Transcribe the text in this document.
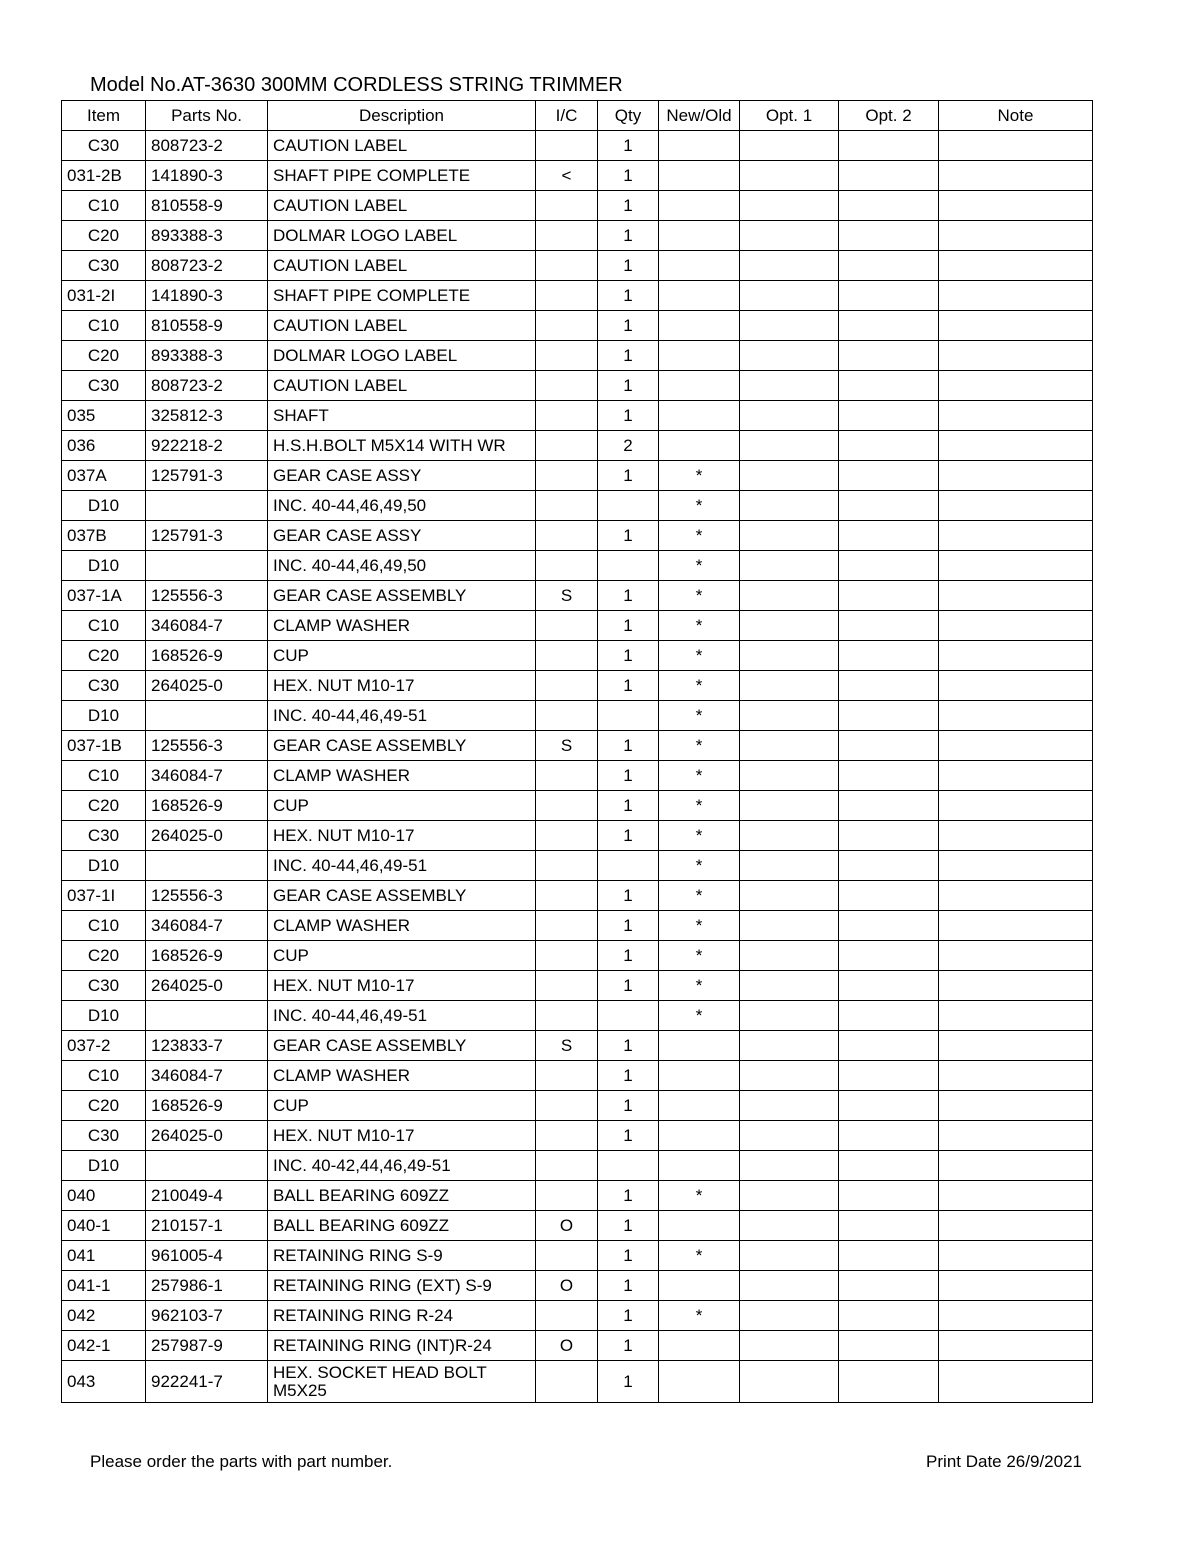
Model No.AT-3630 300MM CORDLESS STRING TRIMMER
Item	Parts No.	Description	I/C	Qty	New/Old	Opt. 1	Opt. 2	Note
C30	808723-2	CAUTION LABEL		1				
031-2B	141890-3	SHAFT PIPE COMPLETE	<	1				
C10	810558-9	CAUTION LABEL		1				
C20	893388-3	DOLMAR LOGO LABEL		1				
C30	808723-2	CAUTION LABEL		1				
031-2I	141890-3	SHAFT PIPE COMPLETE		1				
C10	810558-9	CAUTION LABEL		1				
C20	893388-3	DOLMAR LOGO LABEL		1				
C30	808723-2	CAUTION LABEL		1				
035	325812-3	SHAFT		1				
036	922218-2	H.S.H.BOLT M5X14 WITH WR		2				
037A	125791-3	GEAR CASE ASSY		1	*			
D10		INC. 40-44,46,49,50			*			
037B	125791-3	GEAR CASE ASSY		1	*			
D10		INC. 40-44,46,49,50			*			
037-1A	125556-3	GEAR CASE ASSEMBLY	S	1	*			
C10	346084-7	CLAMP WASHER		1	*			
C20	168526-9	CUP		1	*			
C30	264025-0	HEX. NUT M10-17		1	*			
D10		INC. 40-44,46,49-51			*			
037-1B	125556-3	GEAR CASE ASSEMBLY	S	1	*			
C10	346084-7	CLAMP WASHER		1	*			
C20	168526-9	CUP		1	*			
C30	264025-0	HEX. NUT M10-17		1	*			
D10		INC. 40-44,46,49-51			*			
037-1I	125556-3	GEAR CASE ASSEMBLY		1	*			
C10	346084-7	CLAMP WASHER		1	*			
C20	168526-9	CUP		1	*			
C30	264025-0	HEX. NUT M10-17		1	*			
D10		INC. 40-44,46,49-51			*			
037-2	123833-7	GEAR CASE ASSEMBLY	S	1				
C10	346084-7	CLAMP WASHER		1				
C20	168526-9	CUP		1				
C30	264025-0	HEX. NUT M10-17		1				
D10		INC. 40-42,44,46,49-51						
040	210049-4	BALL BEARING 609ZZ		1	*			
040-1	210157-1	BALL BEARING 609ZZ	O	1				
041	961005-4	RETAINING RING S-9		1	*			
041-1	257986-1	RETAINING RING (EXT) S-9	O	1				
042	962103-7	RETAINING RING R-24		1	*			
042-1	257987-9	RETAINING RING (INT)R-24	O	1				
043	922241-7	HEX. SOCKET HEAD BOLT M5X25		1				
Please order the parts with part number.	Print Date 26/9/2021
